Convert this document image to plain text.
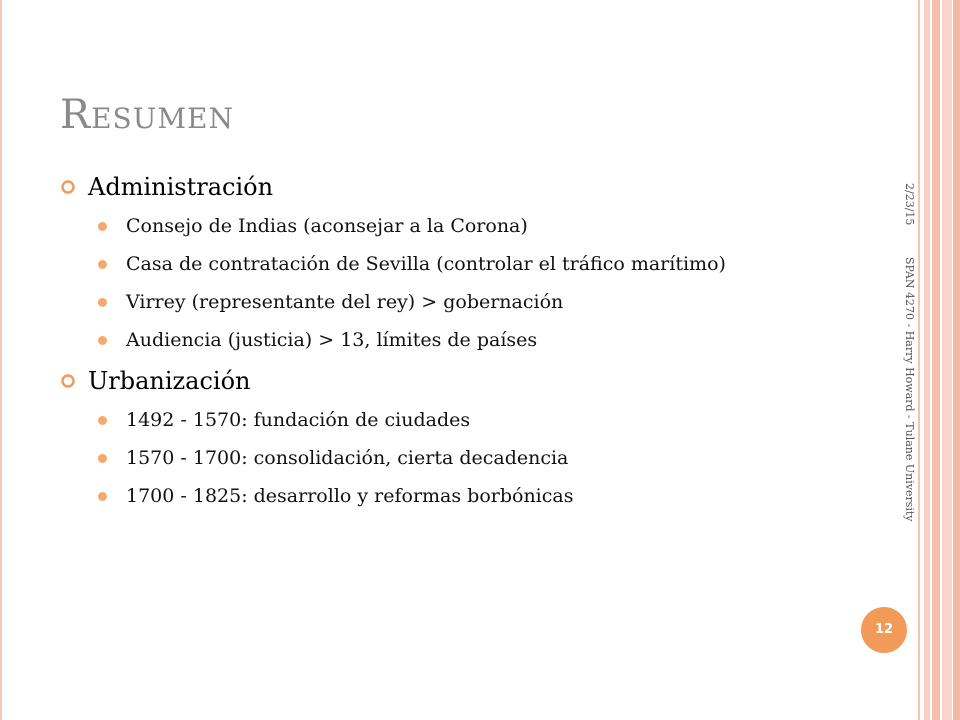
Resumen
Administración
Consejo de Indias (aconsejar a la Corona)
Casa de contratación de Sevilla (controlar el tráfico marítimo)
Virrey (representante del rey) > gobernación
Audiencia (justicia) > 13, límites de países
Urbanización
1492 - 1570: fundación de ciudades
1570 - 1700: consolidación, cierta decadencia
1700 - 1825: desarrollo y reformas borbónicas
2/23/15 SPAN 4270 - Harry Howard - Tulane University
12
